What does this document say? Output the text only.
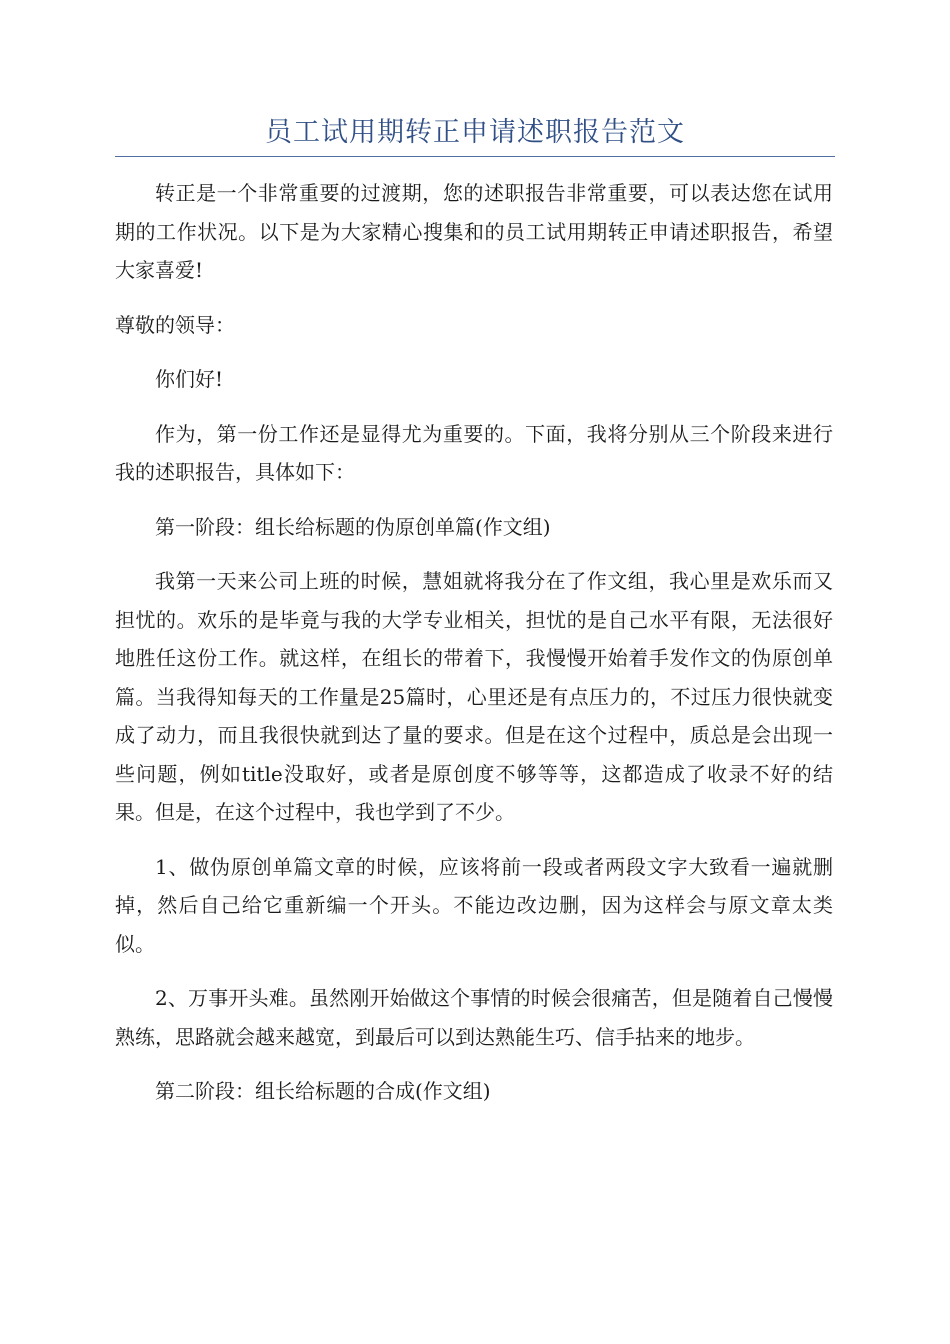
员工试用期转正申请述职报告范文

转正是一个非常重要的过渡期，您的述职报告非常重要，可以表达您在试用期的工作状况。以下是为大家精心搜集和的员工试用期转正申请述职报告，希望大家喜爱!

尊敬的领导：

你们好!

作为，第一份工作还是显得尤为重要的。下面，我将分别从三个阶段来进行我的述职报告，具体如下：

第一阶段：组长给标题的伪原创单篇(作文组)

我第一天来公司上班的时候，慧姐就将我分在了作文组，我心里是欢乐而又担忧的。欢乐的是毕竟与我的大学专业相关，担忧的是自己水平有限，无法很好地胜任这份工作。就这样，在组长的带着下，我慢慢开始着手发作文的伪原创单篇。当我得知每天的工作量是25篇时，心里还是有点压力的，不过压力很快就变成了动力，而且我很快就到达了量的要求。但是在这个过程中，质总是会出现一些问题，例如title没取好，或者是原创度不够等等，这都造成了收录不好的结果。但是，在这个过程中，我也学到了不少。

1、做伪原创单篇文章的时候，应该将前一段或者两段文字大致看一遍就删掉，然后自己给它重新编一个开头。不能边改边删，因为这样会与原文章太类似。

2、万事开头难。虽然刚开始做这个事情的时候会很痛苦，但是随着自己慢慢熟练，思路就会越来越宽，到最后可以到达熟能生巧、信手拈来的地步。

第二阶段：组长给标题的合成(作文组)
